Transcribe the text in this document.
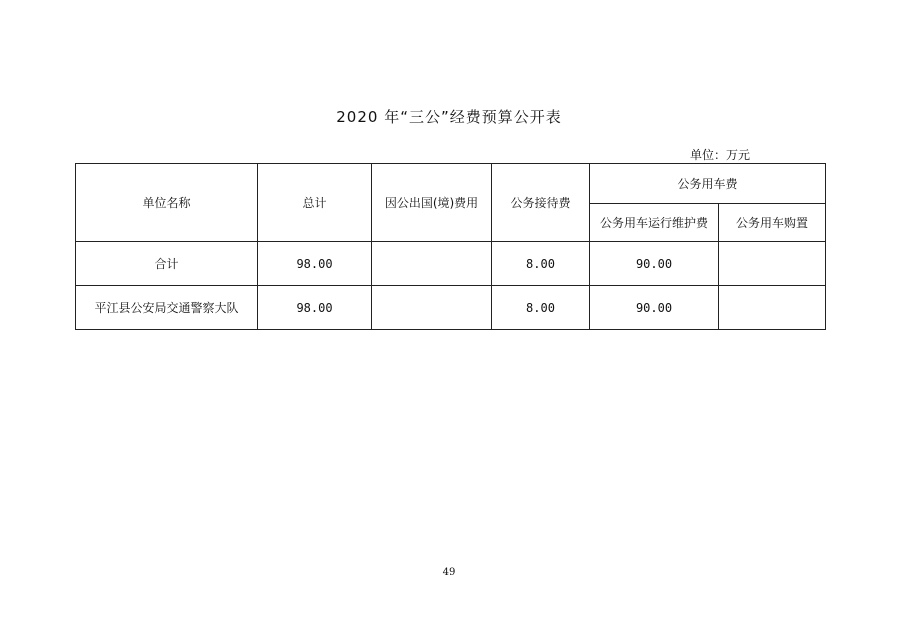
2020 年“三公”经费预算公开表
单位：万元
单位名称	总计	因公出国(境)费用	公务接待费	公务用车费	
				公务用车运行维护费	公务用车购置
合计	98.00		8.00	90.00	
平江县公安局交通警察大队	98.00		8.00	90.00	
49
